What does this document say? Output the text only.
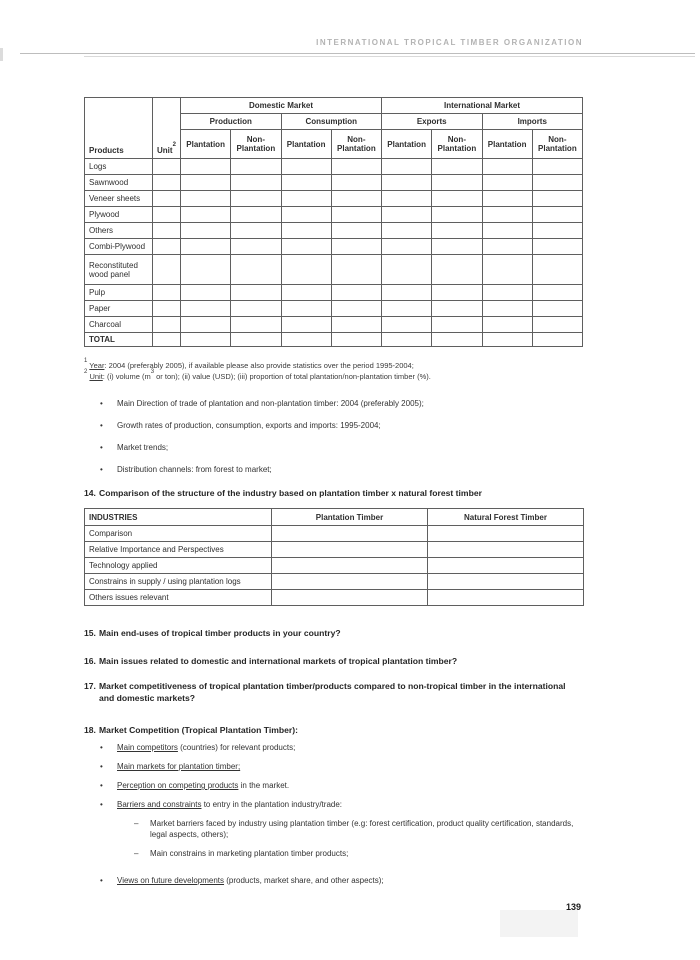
INTERNATIONAL TROPICAL TIMBER ORGANIZATION
Products	Unit$^2$	Domestic Market				International Market			
		Production		Consumption		Exports		Imports	
		Plantation	Non-Plantation	Plantation	Non-Plantation	Plantation	Non-Plantation	Plantation	Non-Plantation
Logs									
Sawnwood									
Veneer sheets									
Plywood									
Others									
Combi-Plywood									
Reconstituted wood panel									
Pulp									
Paper									
Charcoal									
TOTAL									
$^1$ Year: 2004 (preferably 2005), if available please also provide statistics over the period 1995-2004;
$^2$ Unit: (i) volume ($m^3$ or ton); (ii) value (USD); (iii) proportion of total plantation/non-plantation timber (%).
•	Main Direction of trade of plantation and non-plantation timber: 2004 (preferably 2005);
•	Growth rates of production, consumption, exports and imports: 1995-2004;
•	Market trends;
•	Distribution channels: from forest to market;
14. Comparison of the structure of the industry based on plantation timber x natural forest timber
INDUSTRIES	Plantation Timber	Natural Forest Timber
Comparison		
Relative Importance and Perspectives		
Technology applied		
Constrains in supply / using plantation logs		
Others issues relevant		
15. Main end-uses of tropical timber products in your country?
16. Main issues related to domestic and international markets of tropical plantation timber?
17. Market competitiveness of tropical plantation timber/products compared to non-tropical timber in the international and domestic markets?
18. Market Competition (Tropical Plantation Timber):
•	Main competitors (countries) for relevant products;
•	Main markets for plantation timber;
•	Perception on competing products in the market.
•	Barriers and constraints to entry in the plantation industry/trade:
–	Market barriers faced by industry using plantation timber (e.g: forest certification, product quality certification, standards, legal aspects, others);
–	Main constrains in marketing plantation timber products;
•	Views on future developments (products, market share, and other aspects);
139
